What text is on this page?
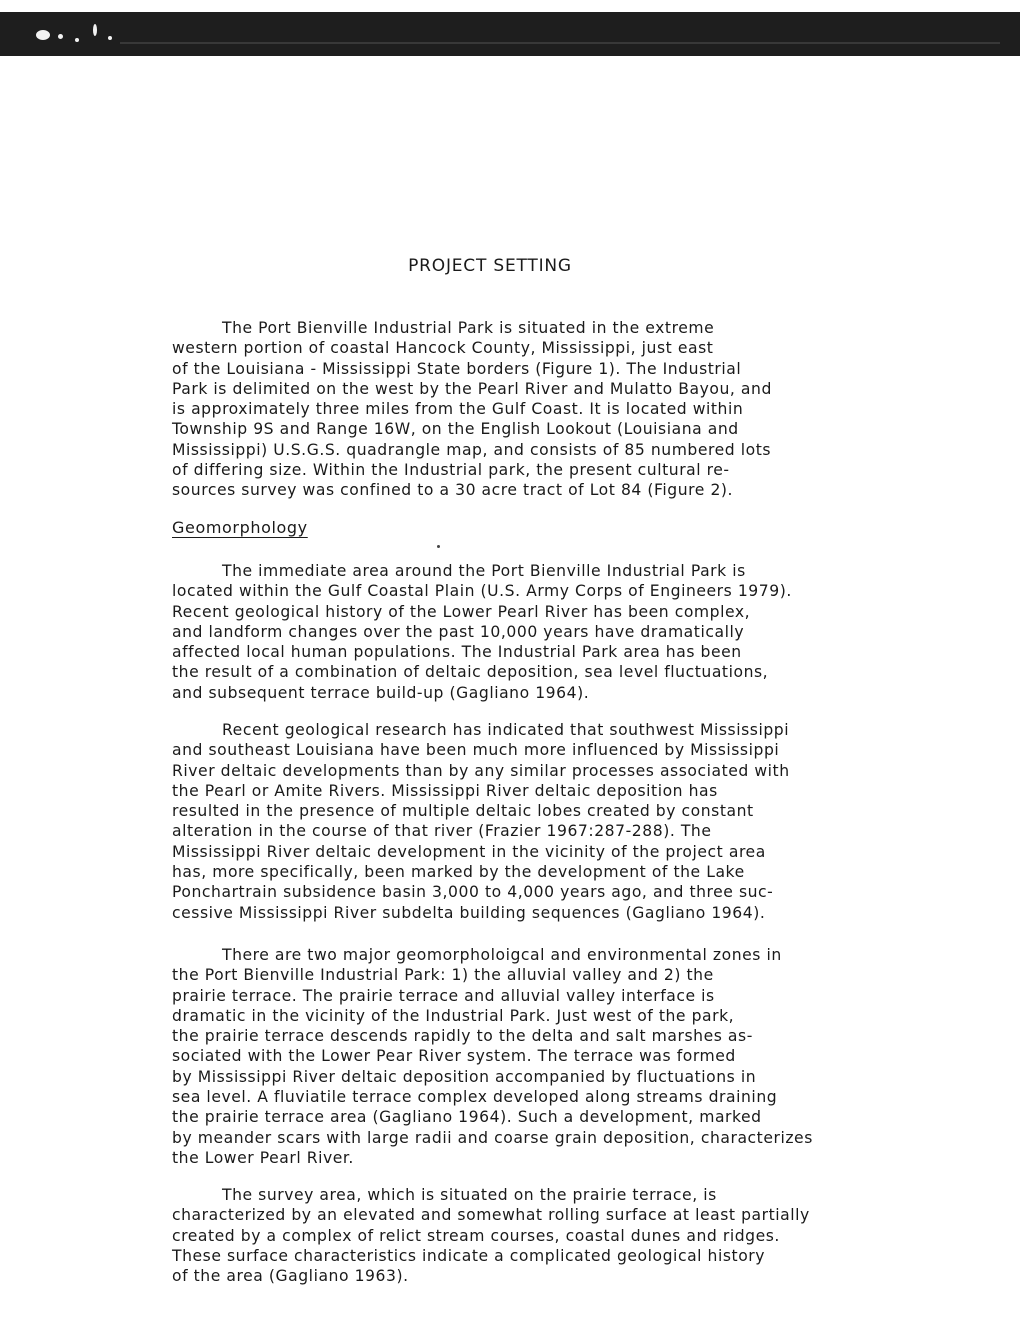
PROJECT SETTING

The Port Bienville Industrial Park is situated in the extreme
western portion of coastal Hancock County, Mississippi, just east
of the Louisiana - Mississippi State borders (Figure 1). The Industrial
Park is delimited on the west by the Pearl River and Mulatto Bayou, and
is approximately three miles from the Gulf Coast. It is located within
Township 9S and Range 16W, on the English Lookout (Louisiana and
Mississippi) U.S.G.S. quadrangle map, and consists of 85 numbered lots
of differing size. Within the Industrial park, the present cultural re-
sources survey was confined to a 30 acre tract of Lot 84 (Figure 2).

Geomorphology

The immediate area around the Port Bienville Industrial Park is
located within the Gulf Coastal Plain (U.S. Army Corps of Engineers 1979).
Recent geological history of the Lower Pearl River has been complex,
and landform changes over the past 10,000 years have dramatically
affected local human populations. The Industrial Park area has been
the result of a combination of deltaic deposition, sea level fluctuations,
and subsequent terrace build-up (Gagliano 1964).

Recent geological research has indicated that southwest Mississippi
and southeast Louisiana have been much more influenced by Mississippi
River deltaic developments than by any similar processes associated with
the Pearl or Amite Rivers. Mississippi River deltaic deposition has
resulted in the presence of multiple deltaic lobes created by constant
alteration in the course of that river (Frazier 1967:287-288). The
Mississippi River deltaic development in the vicinity of the project area
has, more specifically, been marked by the development of the Lake
Ponchartrain subsidence basin 3,000 to 4,000 years ago, and three suc-
cessive Mississippi River subdelta building sequences (Gagliano 1964).

There are two major geomorpholoigcal and environmental zones in
the Port Bienville Industrial Park: 1) the alluvial valley and 2) the
prairie terrace. The prairie terrace and alluvial valley interface is
dramatic in the vicinity of the Industrial Park. Just west of the park,
the prairie terrace descends rapidly to the delta and salt marshes as-
sociated with the Lower Pear River system. The terrace was formed
by Mississippi River deltaic deposition accompanied by fluctuations in
sea level. A fluviatile terrace complex developed along streams draining
the prairie terrace area (Gagliano 1964). Such a development, marked
by meander scars with large radii and coarse grain deposition, characterizes
the Lower Pearl River.

The survey area, which is situated on the prairie terrace, is
characterized by an elevated and somewhat rolling surface at least partially
created by a complex of relict stream courses, coastal dunes and ridges.
These surface characteristics indicate a complicated geological history
of the area (Gagliano 1963).
